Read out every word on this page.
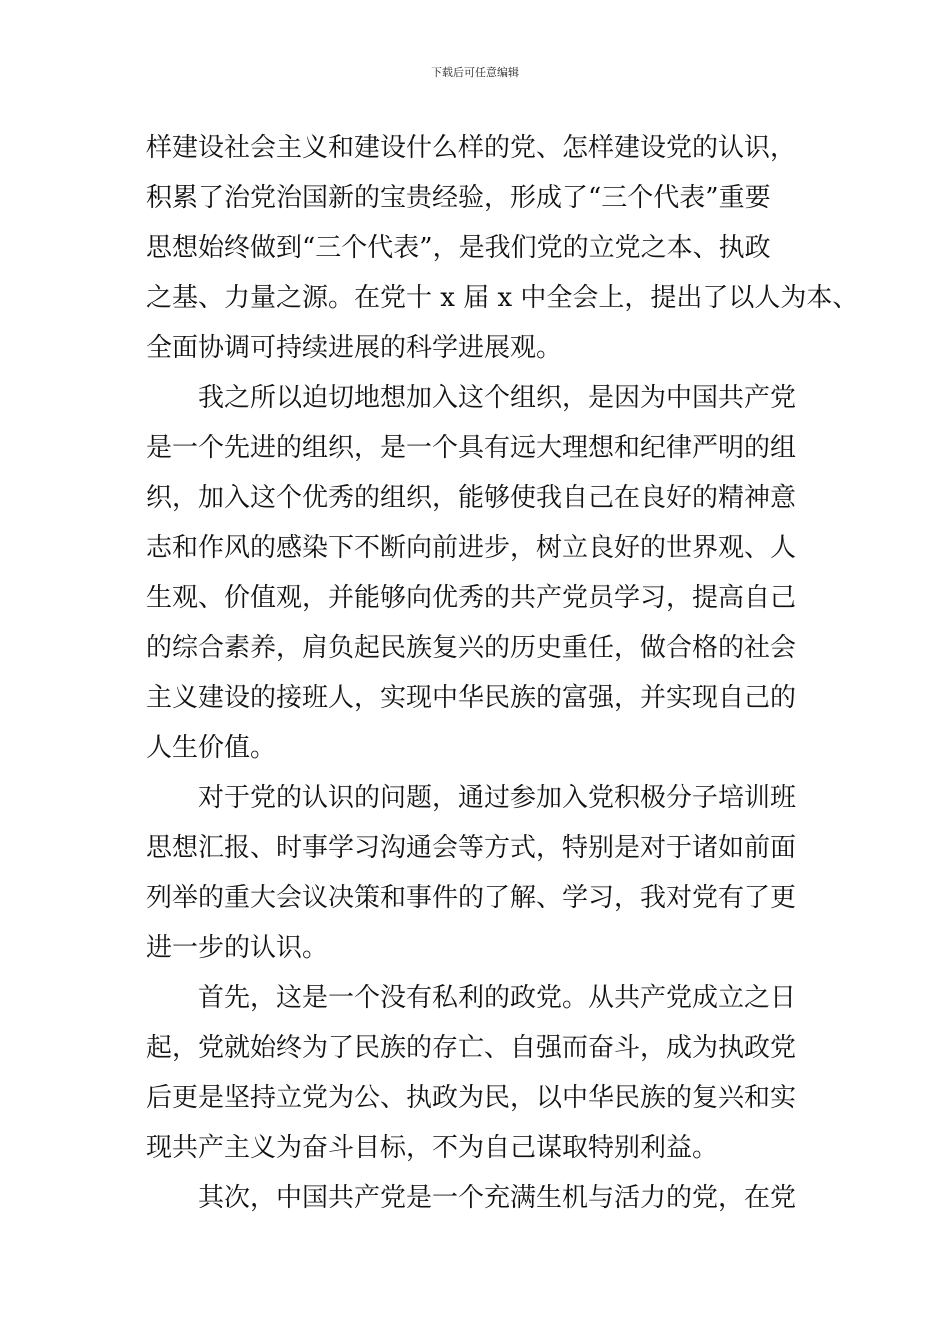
下载后可任意编辑
样建设社会主义和建设什么样的党、怎样建设党的认识，
积累了治党治国新的宝贵经验，形成了“三个代表”重要
思想始终做到“三个代表”，是我们党的立党之本、执政
之基、力量之源。在党十 x 届 x 中全会上，提出了以人为本、
全面协调可持续进展的科学进展观。
我之所以迫切地想加入这个组织，是因为中国共产党
是一个先进的组织，是一个具有远大理想和纪律严明的组
织，加入这个优秀的组织，能够使我自己在良好的精神意
志和作风的感染下不断向前进步，树立良好的世界观、人
生观、价值观，并能够向优秀的共产党员学习，提高自己
的综合素养，肩负起民族复兴的历史重任，做合格的社会
主义建设的接班人，实现中华民族的富强，并实现自己的
人生价值。
对于党的认识的问题，通过参加入党积极分子培训班
思想汇报、时事学习沟通会等方式，特别是对于诸如前面
列举的重大会议决策和事件的了解、学习，我对党有了更
进一步的认识。
首先，这是一个没有私利的政党。从共产党成立之日
起，党就始终为了民族的存亡、自强而奋斗，成为执政党
后更是坚持立党为公、执政为民，以中华民族的复兴和实
现共产主义为奋斗目标，不为自己谋取特别利益。
其次，中国共产党是一个充满生机与活力的党，在党
